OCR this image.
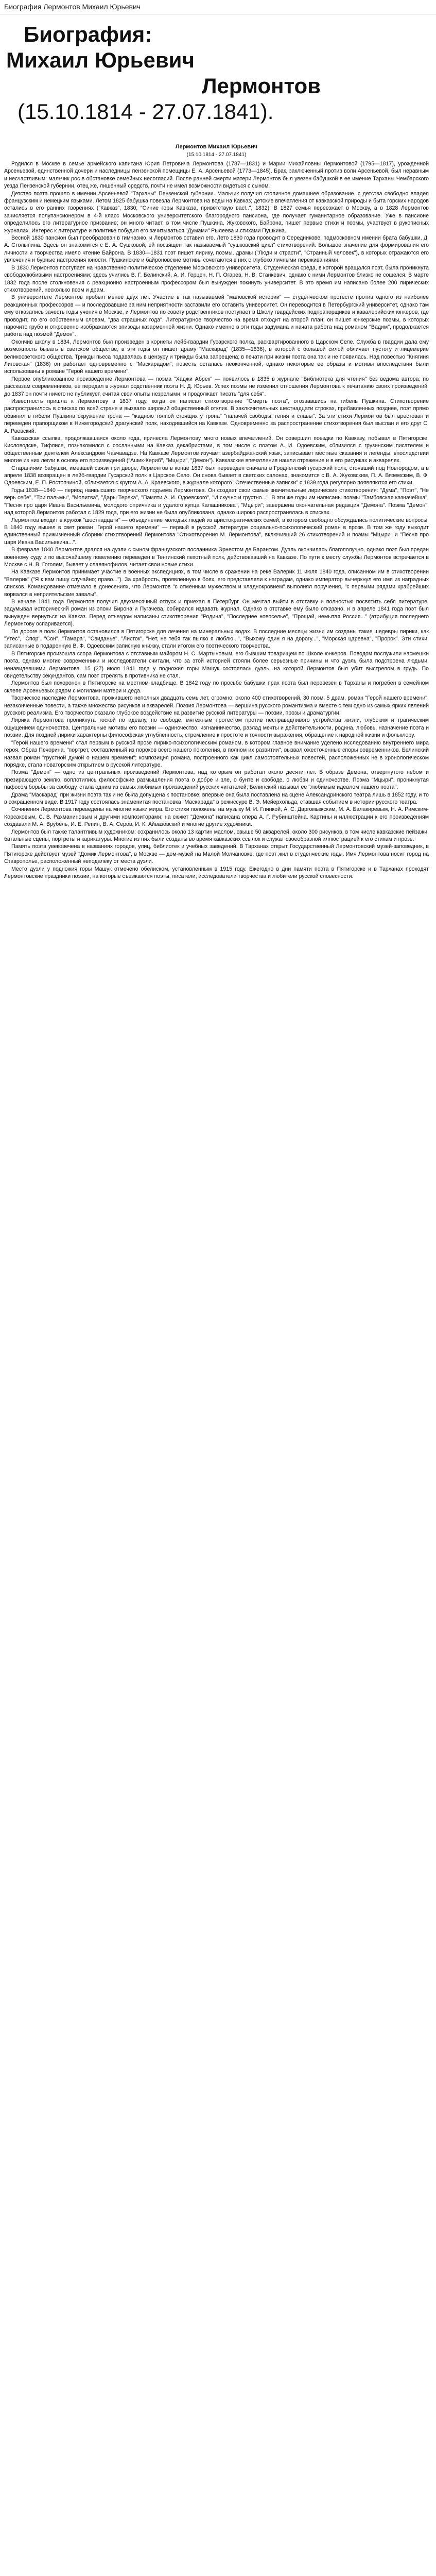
Биография Лермонтов Михаил Юрьевич
Биография:
Михаил Юрьевич
Лермонтов
(15.10.1814 - 27.07.1841).
Лермонтов Михаил Юрьевич
(15.10.1814 - 27.07.1841)

Родился в Москве в семье армейского капитана Юрия Петровича Лермонтова (1787—1831) и Марии Михайловны Лермонтовой (1795—1817), урожденной Арсеньевой, единственной дочери и наследницы пензенской помещицы Е. А. Арсеньевой (1773—1845). Брак, заключенный против воли Арсеньевой, был неравным и несчастливым: мальчик рос в обстановке семейных несогласий. После ранней смерти матери Лермонтов был увезен бабушкой в ее имение Тарханы Чембарского уезда Пензенской губернии, отец же, лишенный средств, почти не имел возможности видеться с сыном.

Детство поэта прошло в имении Арсеньевой "Тарханы" Пензенской губернии. Мальчик получил столичное домашнее образование, с детства свободно владел французским и немецким языками. Летом 1825 бабушка повезла Лермонтова на воды на Кавказ; детские впечатления от кавказской природы и быта горских народов остались в его ранних творениях ("Кавказ", 1830; "Синие горы Кавказа, приветствую вас!..", 1832). В 1827 семья переезжает в Москву, а в 1828 Лермонтов зачисляется полупансионером в 4-й класс Московского университетского благородного пансиона, где получает гуманитарное образование. Уже в пансионе определилось его литературное призвание; он много читает, в том числе Пушкина, Жуковского, Байрона, пишет первые стихи и поэмы, участвует в рукописных журналах. Интерес к литературе и политике побудил его зачитываться "Думами" Рылеева и стихами Пушкина.

Весной 1830 пансион был преобразован в гимназию, и Лермонтов оставил его. Лето 1830 года проводит в Середникове, подмосковном имении брата бабушки, Д. А. Столыпина. Здесь он знакомится с Е. А. Сушковой; ей посвящен так называемый "сушковский цикл" стихотворений. Большое значение для формирования его личности и творчества имело чтение Байрона. В 1830—1831 поэт пишет лирику, поэмы, драмы ("Люди и страсти", "Странный человек"), в которых отражаются его увлечения и бурные настроения юности. Пушкинские и байроновские мотивы сочетаются в них с глубоко личными переживаниями.

В 1830 Лермонтов поступает на нравственно-политическое отделение Московского университета. Студенческая среда, в которой вращался поэт, была проникнута свободолюбивыми настроениями; здесь учились В. Г. Белинский, А. И. Герцен, Н. П. Огарев, Н. В. Станкевич, однако с ними Лермонтов близко не сошелся. В марте 1832 года после столкновения с реакционно настроенным профессором был вынужден покинуть университет. В это время им написано более 200 лирических стихотворений, несколько поэм и драм.

В университете Лермонтов пробыл менее двух лет. Участие в так называемой "маловской истории" — студенческом протесте против одного из наиболее реакционных профессоров — и последовавшие за ним неприятности заставили его оставить университет. Он переводится в Петербургский университет, однако там ему отказались зачесть годы учения в Москве, и Лермонтов по совету родственников поступает в Школу гвардейских подпрапорщиков и кавалерийских юнкеров, где проводит, по его собственным словам, "два страшных года". Литературное творчество на время отходит на второй план; он пишет юнкерские поэмы, в которых нарочито грубо и откровенно изображаются эпизоды казарменной жизни. Однако именно в эти годы задумана и начата работа над романом "Вадим", продолжается работа над поэмой "Демон".

Окончив школу в 1834, Лермонтов был произведен в корнеты лейб-гвардии Гусарского полка, расквартированного в Царском Селе. Служба в гвардии дала ему возможность бывать в светском обществе; в эти годы он пишет драму "Маскарад" (1835—1836), в которой с большой силой обличает пустоту и лицемерие великосветского общества. Трижды пьеса подавалась в цензуру и трижды была запрещена; в печати при жизни поэта она так и не появилась. Над повестью "Княгиня Лиговская" (1836) он работает одновременно с "Маскарадом"; повесть осталась неоконченной, однако некоторые ее образы и мотивы впоследствии были использованы в романе "Герой нашего времени".

Первое опубликованное произведение Лермонтова — поэма "Хаджи Абрек" — появилось в 1835 в журнале "Библиотека для чтения" без ведома автора; по рассказам современников, ее передал в журнал родственник поэта Н. Д. Юрьев. Успех поэмы не изменил отношения Лермонтова к печатанию своих произведений: до 1837 он почти ничего не публикует, считая свои опыты незрелыми, и продолжает писать "для себя".

Известность пришла к Лермонтову в 1837 году, когда он написал стихотворение "Смерть поэта", отозвавшись на гибель Пушкина. Стихотворение распространилось в списках по всей стране и вызвало широкий общественный отклик. В заключительных шестнадцати строках, прибавленных позднее, поэт прямо обвинил в гибели Пушкина окружение трона — "жадною толпой стоящих у трона" "палачей свободы, гения и славы". За эти стихи Лермонтов был арестован и переведен прапорщиком в Нижегородский драгунский полк, находившийся на Кавказе. Одновременно за распространение стихотворения был выслан и его друг С. А. Раевский.

Кавказская ссылка, продолжавшаяся около года, принесла Лермонтову много новых впечатлений. Он совершил поездки по Кавказу, побывал в Пятигорске, Кисловодске, Тифлисе, познакомился с сосланными на Кавказ декабристами, в том числе с поэтом А. И. Одоевским, сблизился с грузинским писателем и общественным деятелем Александром Чавчавадзе. На Кавказе Лермонтов изучает азербайджанский язык, записывает местные сказания и легенды; впоследствии многие из них легли в основу его произведений ("Ашик-Кериб", "Мцыри", "Демон"). Кавказские впечатления нашли отражение и в его рисунках и акварелях.

Стараниями бабушки, имевшей связи при дворе, Лермонтов в конце 1837 был переведен сначала в Гродненский гусарский полк, стоявший под Новгородом, а в апреле 1838 возвращен в лейб-гвардии Гусарский полк в Царское Село. Он снова бывает в светских салонах, знакомится с В. А. Жуковским, П. А. Вяземским, В. Ф. Одоевским, Е. П. Ростопчиной, сближается с кругом А. А. Краевского, в журнале которого "Отечественные записки" с 1839 года регулярно появляются его стихи.

Годы 1838—1840 — период наивысшего творческого подъема Лермонтова. Он создает свои самые значительные лирические стихотворения: "Дума", "Поэт", "Не верь себе", "Три пальмы", "Молитва", "Дары Терека", "Памяти А. И. Одоевского", "И скучно и грустно...". В эти же годы им написаны поэмы "Тамбовская казначейша", "Песня про царя Ивана Васильевича, молодого опричника и удалого купца Калашникова", "Мцыри"; завершена окончательная редакция "Демона". Поэма "Демон", над которой Лермонтов работал с 1829 года, при его жизни не была опубликована, однако широко распространялась в списках.

Лермонтов входит в кружок "шестнадцати" — объединение молодых людей из аристократических семей, в котором свободно обсуждались политические вопросы. В 1840 году вышел в свет роман "Герой нашего времени" — первый в русской литературе социально-психологический роман в прозе. В том же году выходит единственный прижизненный сборник стихотворений Лермонтова "Стихотворения М. Лермонтова", включивший 26 стихотворений и поэмы "Мцыри" и "Песня про царя Ивана Васильевича...".

В феврале 1840 Лермонтов дрался на дуэли с сыном французского посланника Эрнестом де Барантом. Дуэль окончилась благополучно, однако поэт был предан военному суду и по высочайшему повелению переведен в Тенгинский пехотный полк, действовавший на Кавказе. По пути к месту службы Лермонтов встречается в Москве с Н. В. Гоголем, бывает у славянофилов, читает свои новые стихи.

На Кавказе Лермонтов принимает участие в военных экспедициях, в том числе в сражении на реке Валерик 11 июля 1840 года, описанном им в стихотворении "Валерик" ("Я к вам пишу случайно; право..."). За храбрость, проявленную в боях, его представляли к наградам, однако император вычеркнул его имя из наградных списков. Командование отмечало в донесениях, что Лермонтов "с отменным мужеством и хладнокровием" выполнял поручения, "с первыми рядами храбрейших ворвался в неприятельские завалы".

В начале 1841 года Лермонтов получил двухмесячный отпуск и приехал в Петербург. Он мечтал выйти в отставку и полностью посвятить себя литературе, задумывал исторический роман из эпохи Бирона и Пугачева, собирался издавать журнал. Однако в отставке ему было отказано, и в апреле 1841 года поэт был вынужден вернуться на Кавказ. Перед отъездом написаны стихотворения "Родина", "Последнее новоселье", "Прощай, немытая Россия..." (атрибуция последнего Лермонтову оспаривается).

По дороге в полк Лермонтов остановился в Пятигорске для лечения на минеральных водах. В последние месяцы жизни им созданы такие шедевры лирики, как "Утес", "Спор", "Сон", "Тамара", "Свиданье", "Листок", "Нет, не тебя так пылко я люблю...", "Выхожу один я на дорогу...", "Морская царевна", "Пророк". Эти стихи, записанные в подаренную В. Ф. Одоевским записную книжку, стали итогом его поэтического творчества.

В Пятигорске произошла ссора Лермонтова с отставным майором Н. С. Мартыновым, его бывшим товарищем по Школе юнкеров. Поводом послужили насмешки поэта, однако многие современники и исследователи считали, что за этой историей стояли более серьезные причины и что дуэль была подстроена людьми, ненавидевшими Лермонтова. 15 (27) июля 1841 года у подножия горы Машук состоялась дуэль, на которой Лермонтов был убит выстрелом в грудь. По свидетельству секундантов, сам поэт стрелять в противника не стал.

Лермонтов был похоронен в Пятигорске на местном кладбище. В 1842 году по просьбе бабушки прах поэта был перевезен в Тарханы и погребен в семейном склепе Арсеньевых рядом с могилами матери и деда.

Творческое наследие Лермонтова, прожившего неполных двадцать семь лет, огромно: около 400 стихотворений, 30 поэм, 5 драм, роман "Герой нашего времени", незаконченные повести, а также множество рисунков и акварелей. Поэзия Лермонтова — вершина русского романтизма и вместе с тем одно из самых ярких явлений русского реализма. Его творчество оказало глубокое воздействие на развитие русской литературы — поэзии, прозы и драматургии.

Лирика Лермонтова проникнута тоской по идеалу, по свободе, мятежным протестом против несправедливого устройства жизни, глубоким и трагическим ощущением одиночества. Центральные мотивы его поэзии — одиночество, изгнанничество, разлад мечты и действительности, родина, любовь, назначение поэта и поэзии. Для поздней лирики характерны философская углубленность, стремление к простоте и точности выражения, обращение к народной жизни и фольклору.

"Герой нашего времени" стал первым в русской прозе лирико-психологическим романом, в котором главное внимание уделено исследованию внутреннего мира героя. Образ Печорина, "портрет, составленный из пороков всего нашего поколения, в полном их развитии", вызвал ожесточенные споры современников. Белинский назвал роман "грустной думой о нашем времени"; композиция романа, построенного как цикл самостоятельных повестей, расположенных не в хронологическом порядке, стала новаторским открытием в русской литературе.

Поэма "Демон" — одно из центральных произведений Лермонтова, над которым он работал около десяти лет. В образе Демона, отвергнутого небом и презирающего землю, воплотились философские размышления поэта о добре и зле, о бунте и свободе, о любви и одиночестве. Поэма "Мцыри", проникнутая пафосом борьбы за свободу, стала одним из самых любимых произведений русских читателей; Белинский называл ее "любимым идеалом нашего поэта".

Драма "Маскарад" при жизни поэта так и не была допущена к постановке; впервые она была поставлена на сцене Александринского театра лишь в 1852 году, и то в сокращенном виде. В 1917 году состоялась знаменитая постановка "Маскарада" в режиссуре В. Э. Мейерхольда, ставшая событием в истории русского театра.

Сочинения Лермонтова переведены на многие языки мира. Его стихи положены на музыку М. И. Глинкой, А. С. Даргомыжским, М. А. Балакиревым, Н. А. Римским-Корсаковым, С. В. Рахманиновым и другими композиторами; на сюжет "Демона" написана опера А. Г. Рубинштейна. Картины и иллюстрации к его произведениям создавали М. А. Врубель, И. Е. Репин, В. А. Серов, И. К. Айвазовский и многие другие художники.

Лермонтов был также талантливым художником: сохранилось около 13 картин маслом, свыше 50 акварелей, около 300 рисунков, в том числе кавказские пейзажи, батальные сцены, портреты и карикатуры. Многие из них были созданы во время кавказских ссылок и служат своеобразной иллюстрацией к его стихам и прозе.

Память поэта увековечена в названиях городов, улиц, библиотек и учебных заведений. В Тарханах открыт Государственный Лермонтовский музей-заповедник, в Пятигорске действует музей "Домик Лермонтова", в Москве — дом-музей на Малой Молчановке, где поэт жил в студенческие годы. Имя Лермонтова носит город на Ставрополье, расположенный неподалеку от места дуэли.

Место дуэли у подножия горы Машук отмечено обелиском, установленным в 1915 году. Ежегодно в дни памяти поэта в Пятигорске и в Тарханах проходят Лермонтовские праздники поэзии, на которые съезжаются поэты, писатели, исследователи творчества и любители русской словесности.
